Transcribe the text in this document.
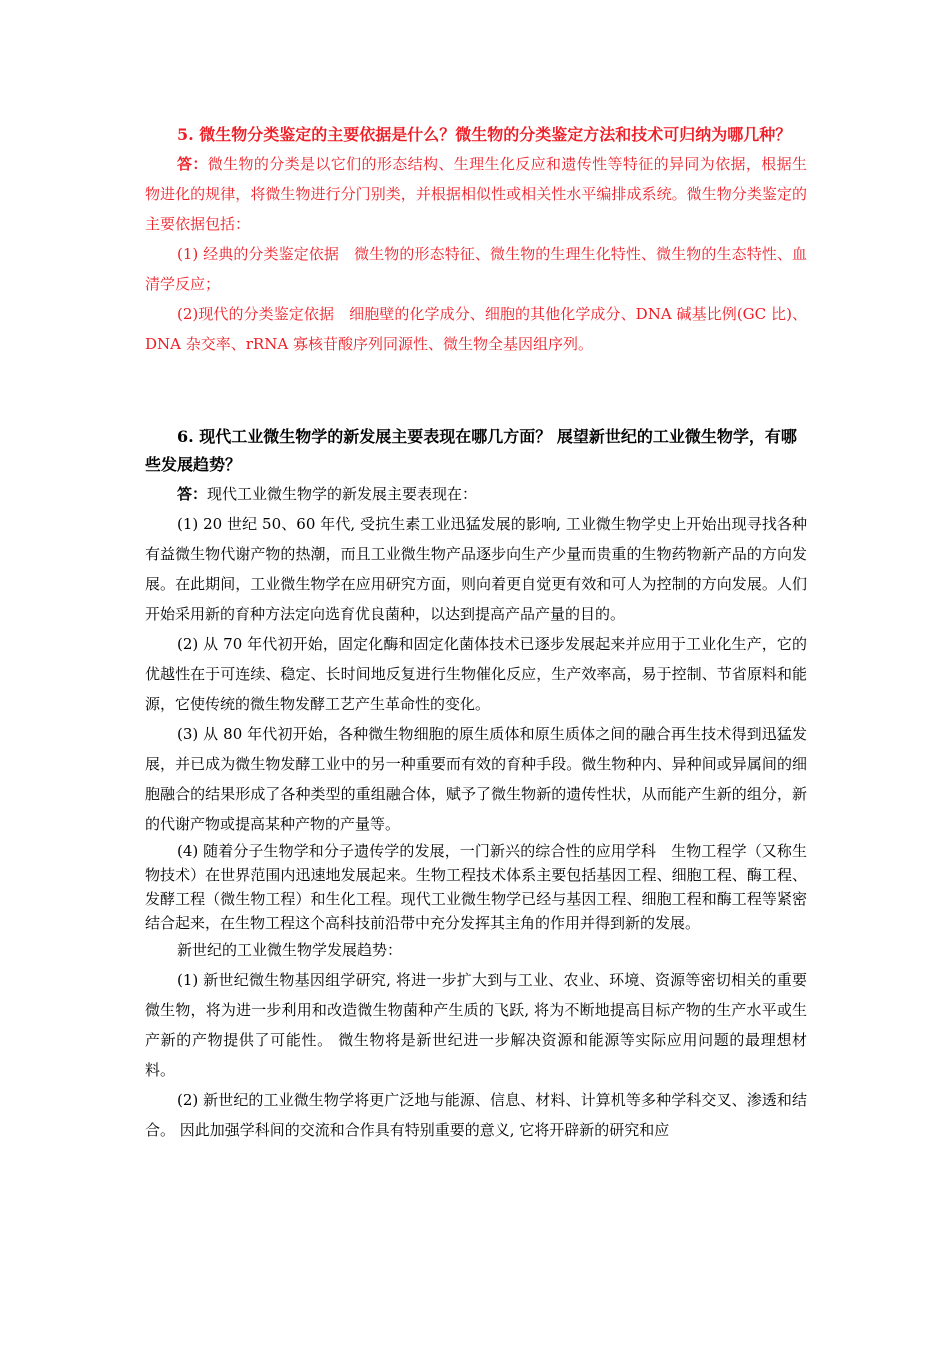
5. 微生物分类鉴定的主要依据是什么？微生物的分类鉴定方法和技术可归纳为哪几种？

答：微生物的分类是以它们的形态结构、生理生化反应和遗传性等特征的异同为依据，根据生物进化的规律，将微生物进行分门别类，并根据相似性或相关性水平编排成系统。微生物分类鉴定的主要依据包括：

(1) 经典的分类鉴定依据　微生物的形态特征、微生物的生理生化特性、微生物的生态特性、血清学反应；

(2)现代的分类鉴定依据　细胞壁的化学成分、细胞的其他化学成分、DNA 碱基比例(GC 比)、DNA 杂交率、rRNA 寡核苷酸序列同源性、微生物全基因组序列。

6. 现代工业微生物学的新发展主要表现在哪几方面？ 展望新世纪的工业微生物学，有哪些发展趋势？

答：现代工业微生物学的新发展主要表现在：

(1) 20 世纪 50、60 年代, 受抗生素工业迅猛发展的影响, 工业微生物学史上开始出现寻找各种有益微生物代谢产物的热潮，而且工业微生物产品逐步向生产少量而贵重的生物药物新产品的方向发展。在此期间，工业微生物学在应用研究方面，则向着更自觉更有效和可人为控制的方向发展。人们开始采用新的育种方法定向选育优良菌种，以达到提高产品产量的目的。

(2) 从 70 年代初开始，固定化酶和固定化菌体技术已逐步发展起来并应用于工业化生产，它的优越性在于可连续、稳定、长时间地反复进行生物催化反应，生产效率高，易于控制、节省原料和能源，它使传统的微生物发酵工艺产生革命性的变化。

(3) 从 80 年代初开始，各种微生物细胞的原生质体和原生质体之间的融合再生技术得到迅猛发展，并已成为微生物发酵工业中的另一种重要而有效的育种手段。微生物种内、异种间或异属间的细胞融合的结果形成了各种类型的重组融合体，赋予了微生物新的遗传性状，从而能产生新的组分，新的代谢产物或提高某种产物的产量等。

(4) 随着分子生物学和分子遗传学的发展，一门新兴的综合性的应用学科　生物工程学（又称生物技术）在世界范围内迅速地发展起来。生物工程技术体系主要包括基因工程、细胞工程、酶工程、发酵工程（微生物工程）和生化工程。现代工业微生物学已经与基因工程、细胞工程和酶工程等紧密结合起来，在生物工程这个高科技前沿带中充分发挥其主角的作用并得到新的发展。

新世纪的工业微生物学发展趋势：

(1) 新世纪微生物基因组学研究, 将进一步扩大到与工业、农业、环境、资源等密切相关的重要微生物，将为进一步利用和改造微生物菌种产生质的飞跃, 将为不断地提高目标产物的生产水平或生产新的产物提供了可能性。 微生物将是新世纪进一步解决资源和能源等实际应用问题的最理想材料。

(2) 新世纪的工业微生物学将更广泛地与能源、信息、材料、计算机等多种学科交叉、渗透和结合。 因此加强学科间的交流和合作具有特别重要的意义, 它将开辟新的研究和应
